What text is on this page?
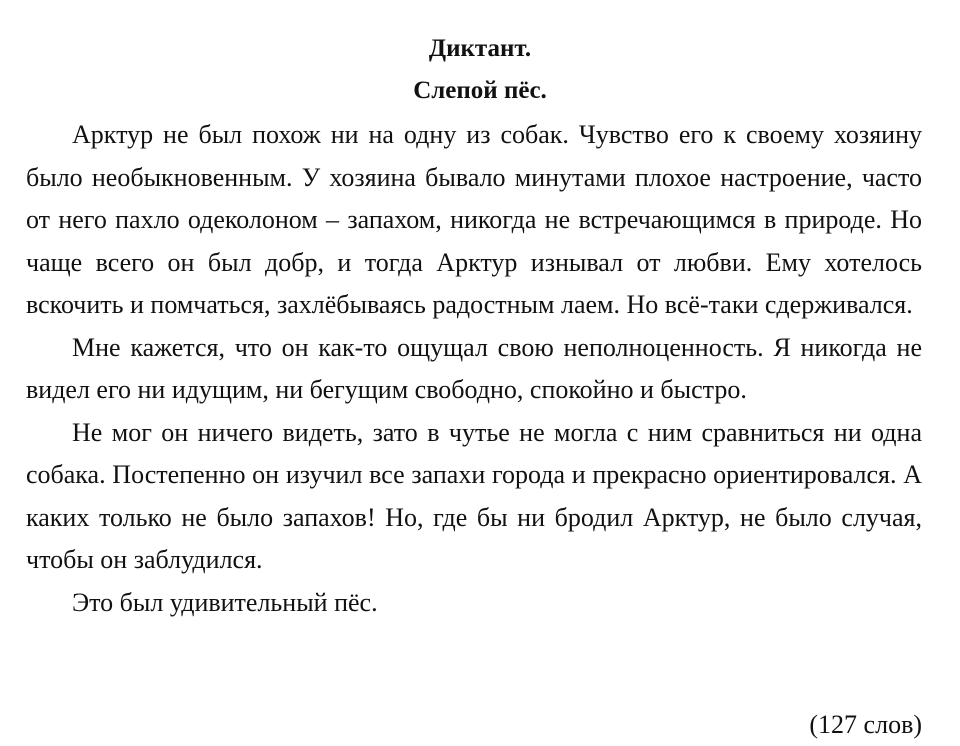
Диктант.
Слепой пёс.

Арктур не был похож ни на одну из собак. Чувство его к своему хозяину было необыкновенным. У хозяина бывало минутами плохое настроение, часто от него пахло одеколоном – запахом, никогда не встречающимся в природе. Но чаще всего он был добр, и тогда Арктур изнывал от любви. Ему хотелось вскочить и помчаться, захлёбываясь радостным лаем. Но всё-таки сдерживался.

Мне кажется, что он как-то ощущал свою неполноценность. Я никогда не видел его ни идущим, ни бегущим свободно, спокойно и быстро.

Не мог он ничего видеть, зато в чутье не могла с ним сравниться ни одна собака. Постепенно он изучил все запахи города и прекрасно ориентировался. А каких только не было запахов! Но, где бы ни бродил Арктур, не было случая, чтобы он заблудился.

Это был удивительный пёс.

(127 слов)
